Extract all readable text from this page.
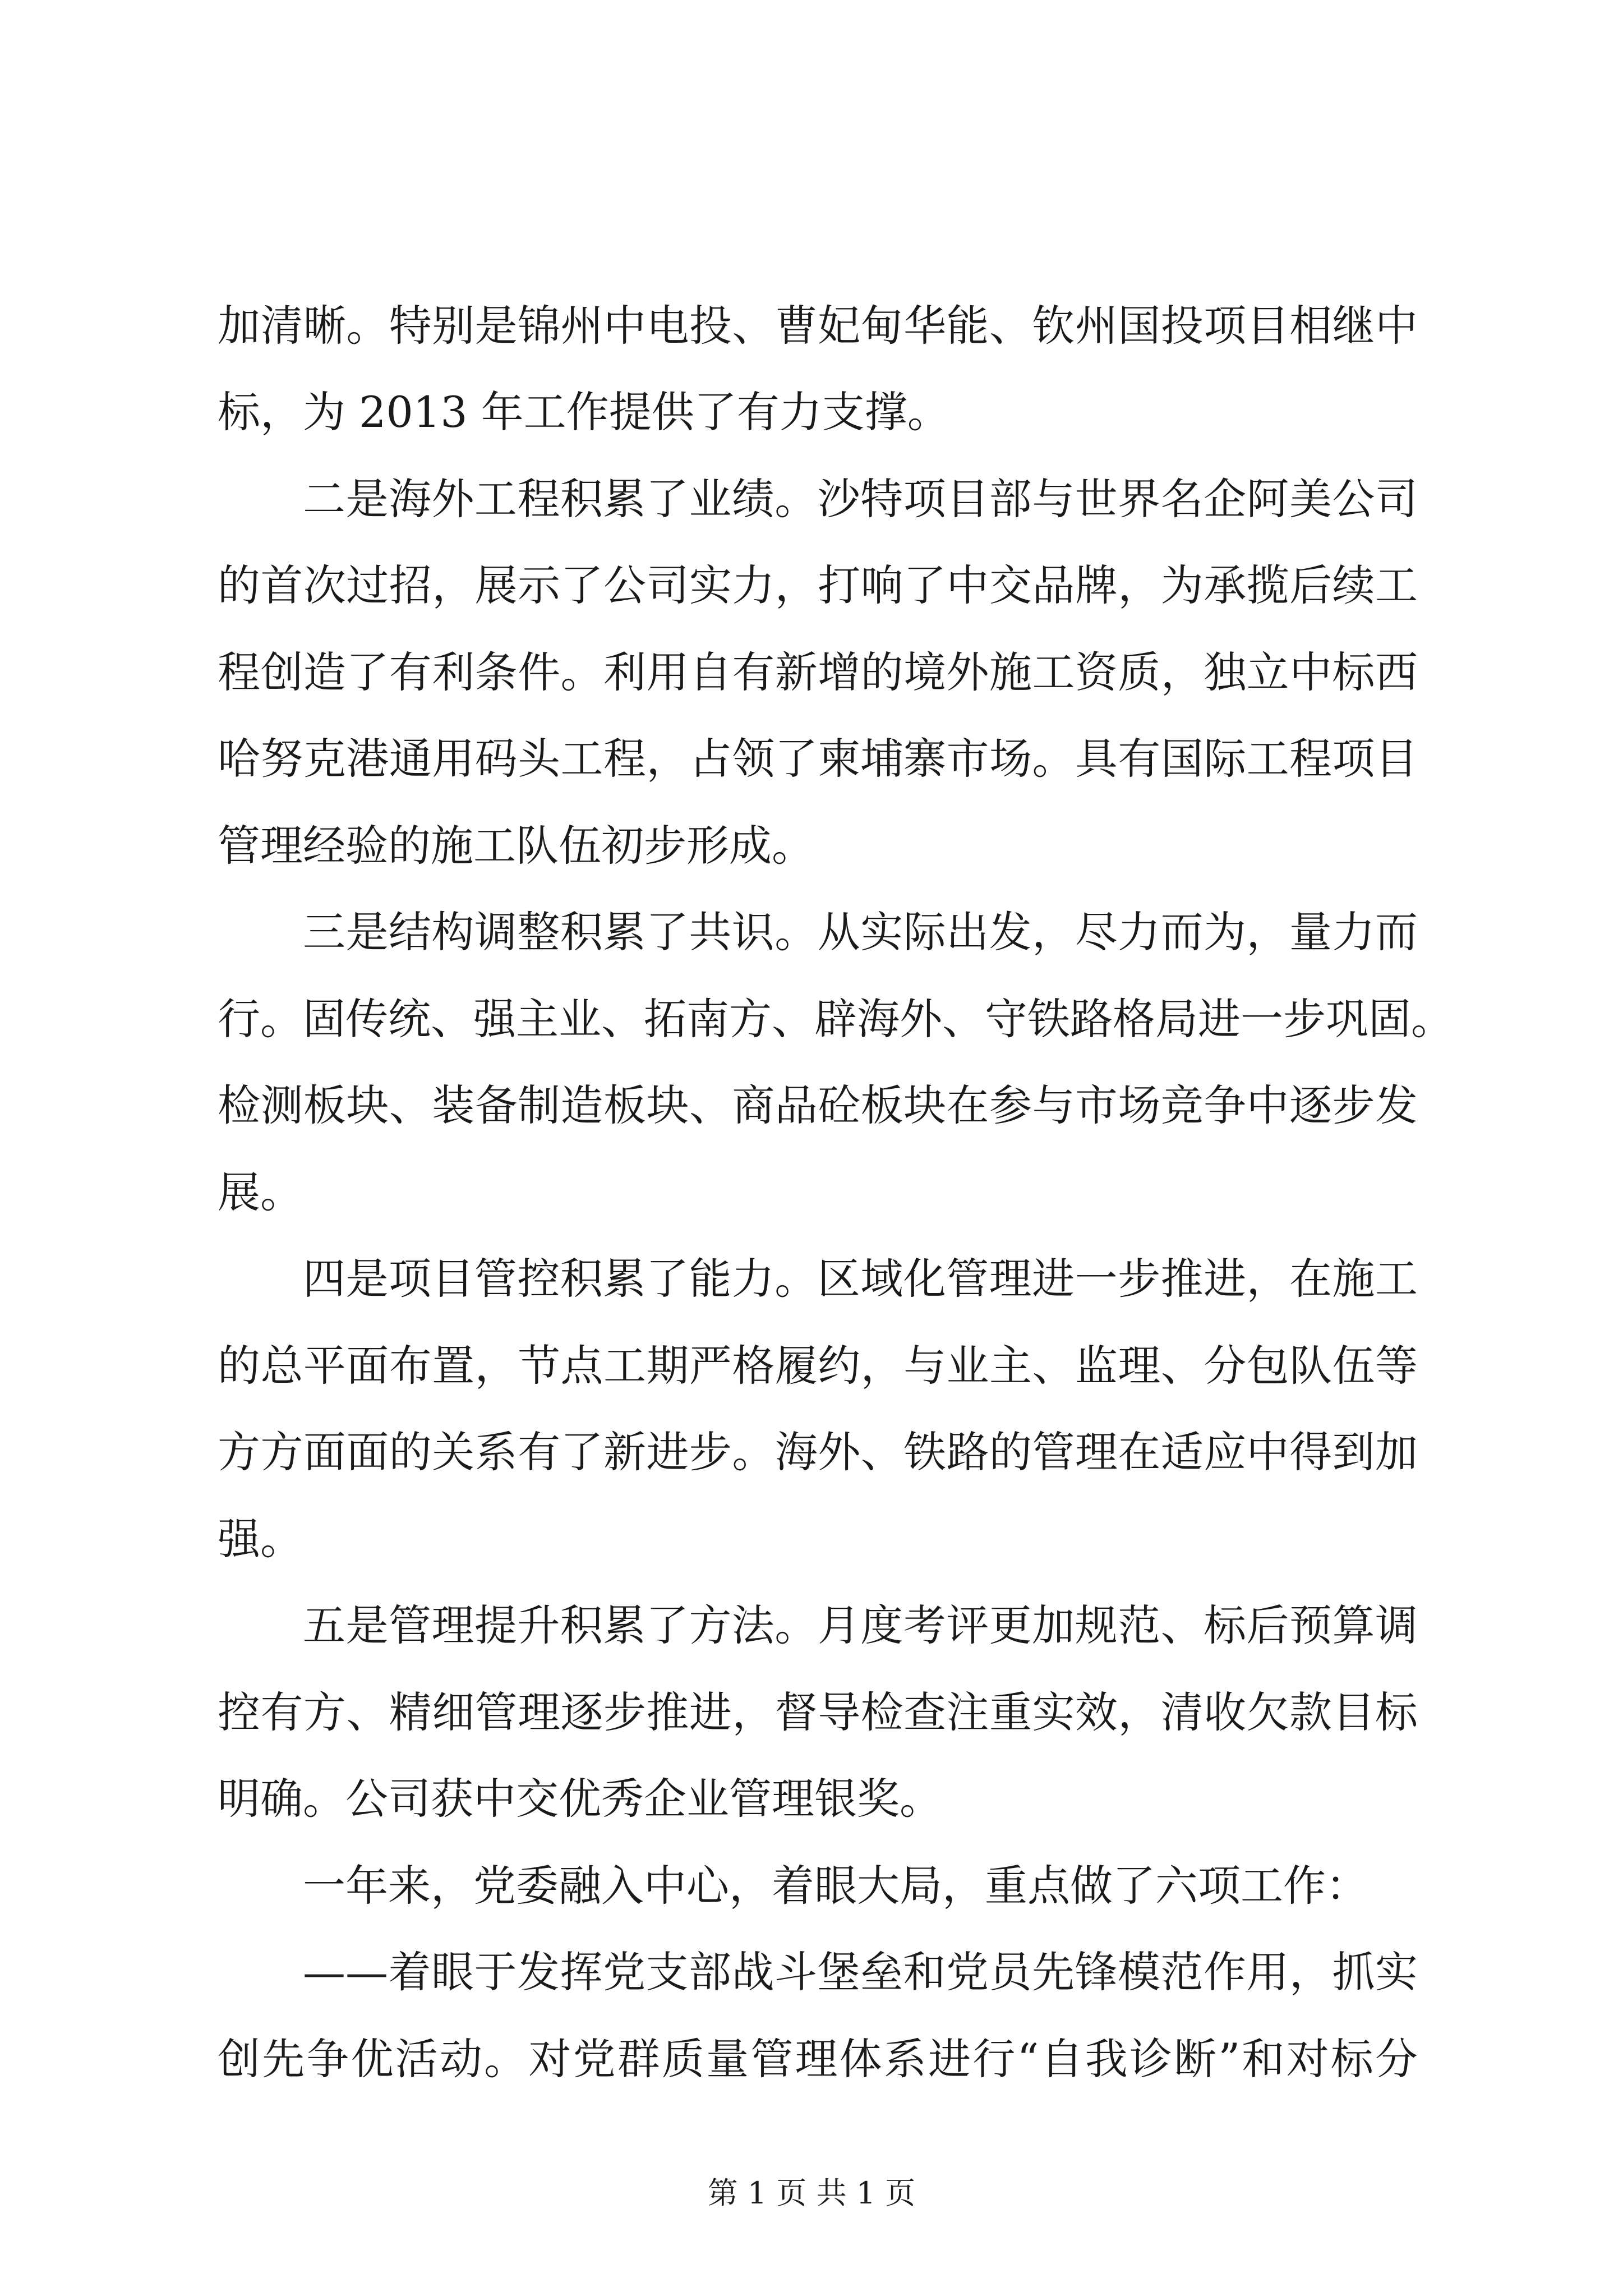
加清晰。特别是锦州中电投、曹妃甸华能、钦州国投项目相继中
标，为 2013 年工作提供了有力支撑。
二是海外工程积累了业绩。沙特项目部与世界名企阿美公司
的首次过招，展示了公司实力，打响了中交品牌，为承揽后续工
程创造了有利条件。利用自有新增的境外施工资质，独立中标西
哈努克港通用码头工程，占领了柬埔寨市场。具有国际工程项目
管理经验的施工队伍初步形成。
三是结构调整积累了共识。从实际出发，尽力而为，量力而
行。固传统、强主业、拓南方、辟海外、守铁路格局进一步巩固。
检测板块、装备制造板块、商品砼板块在参与市场竞争中逐步发
展。
四是项目管控积累了能力。区域化管理进一步推进，在施工
的总平面布置，节点工期严格履约，与业主、监理、分包队伍等
方方面面的关系有了新进步。海外、铁路的管理在适应中得到加
强。
五是管理提升积累了方法。月度考评更加规范、标后预算调
控有方、精细管理逐步推进，督导检查注重实效，清收欠款目标
明确。公司获中交优秀企业管理银奖。
一年来，党委融入中心，着眼大局，重点做了六项工作：
——着眼于发挥党支部战斗堡垒和党员先锋模范作用，抓实
创先争优活动。对党群质量管理体系进行“自我诊断”和对标分
第 1 页 共 1 页
